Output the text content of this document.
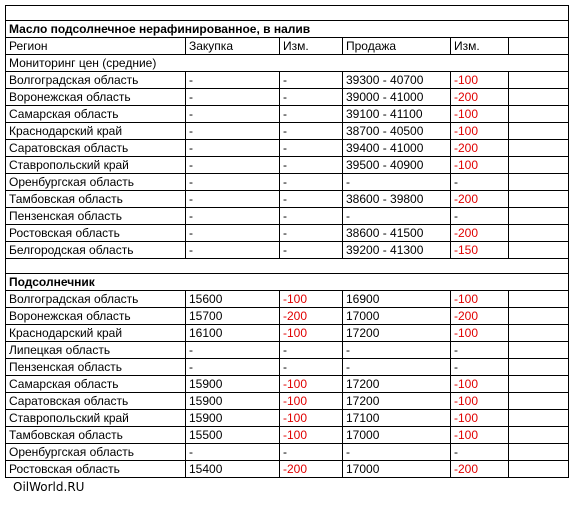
Масло подсолнечное нерафинированное, в налив					
Регион	Закупка	Изм.	Продажа	Изм.	
Мониторинг цен (средние)					
Волгоградская область	-	-	39300 - 40700	-100	
Воронежская область	-	-	39000 - 41000	-200	
Самарская область	-	-	39100 - 41100	-100	
Краснодарский край	-	-	38700 - 40500	-100	
Саратовская область	-	-	39400 - 41000	-200	
Ставропольский край	-	-	39500 - 40900	-100	
Оренбургская область	-	-	-	-	
Тамбовская область	-	-	38600 - 39800	-200	
Пензенская область	-	-	-	-	
Ростовская область	-	-	38600 - 41500	-200	
Белгородская область	-	-	39200 - 41300	-150	

Подсолнечник					
Волгоградская область	15600	-100	16900	-100	
Воронежская область	15700	-200	17000	-200	
Краснодарский край	16100	-100	17200	-100	
Липецкая область	-	-	-	-	
Пензенская область	-	-	-	-	
Самарская область	15900	-100	17200	-100	
Саратовская область	15900	-100	17200	-100	
Ставропольский край	15900	-100	17100	-100	
Тамбовская область	15500	-100	17000	-100	
Оренбургская область	-	-	-	-	
Ростовская область	15400	-200	17000	-200	
OilWorld.RU
